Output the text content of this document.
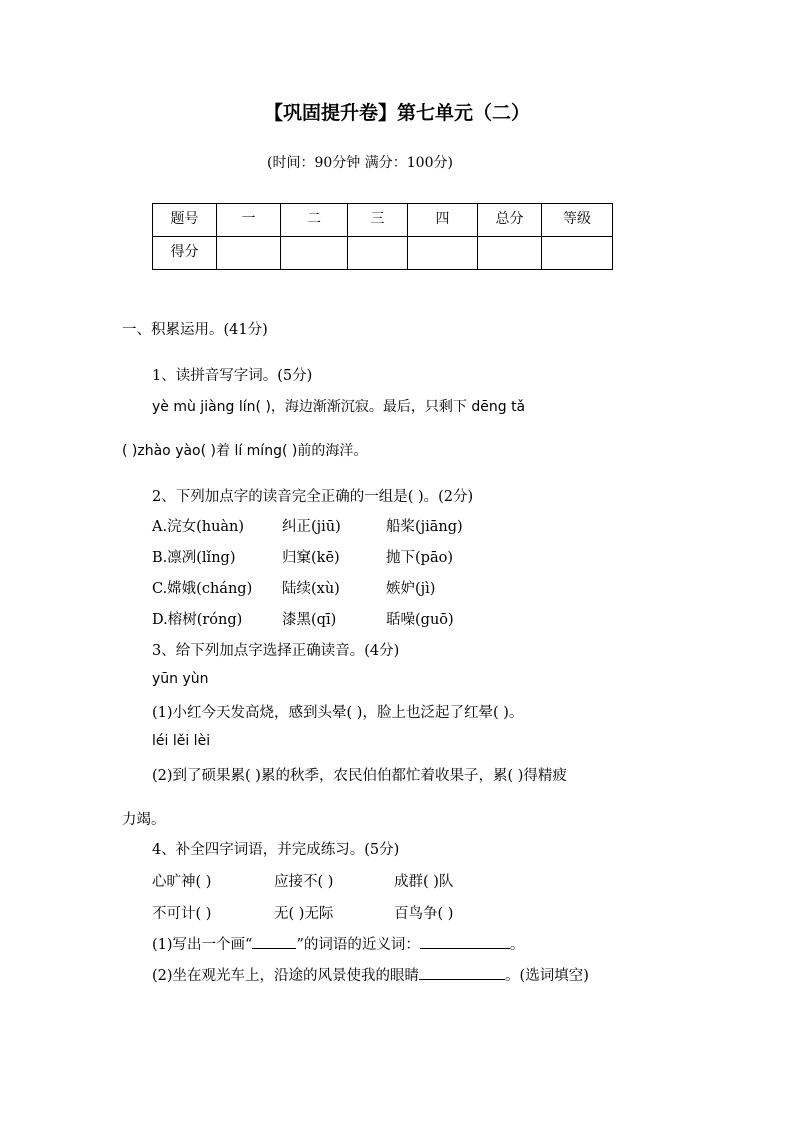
【巩固提升卷】第七单元（二）
(时间：90分钟 满分：100分)
题号	一	二	三	四	总分	等级
得分						
一、积累运用。(41分)
1、读拼音写字词。(5分)
yè mù jiàng lín( )，海边渐渐沉寂。最后，只剩下 dēng tǎ
( )zhào yào( )着 lí míng( )前的海洋。
2、下列加点字的读音完全正确的一组是( )。(2分)
A.浣女(huàn)	纠正(jiū)	船桨(jiāng)
B.凛冽(lǐng)	归窠(kē)	抛下(pāo)
C.嫦娥(cháng) 陆续(xù)	嫉妒(jì)
D.榕树(róng)	漆黑(qī)	聒噪(guō)
3、给下列加点字选择正确读音。(4分)
yūn yùn
(1)小红今天发高烧，感到头晕( )，脸上也泛起了红晕( )。
léi lěi lèi
(2)到了硕果累( )累的秋季，农民伯伯都忙着收果子，累( )得精疲
力竭。
4、补全四字词语，并完成练习。(5分)
心旷神( )	应接不( )	成群( )队
不可计( )	无( )无际	百鸟争( )
(1)写出一个画“	”的词语的近义词：	。
(2)坐在观光车上，沿途的风景使我的眼睛	。(选词填空)
